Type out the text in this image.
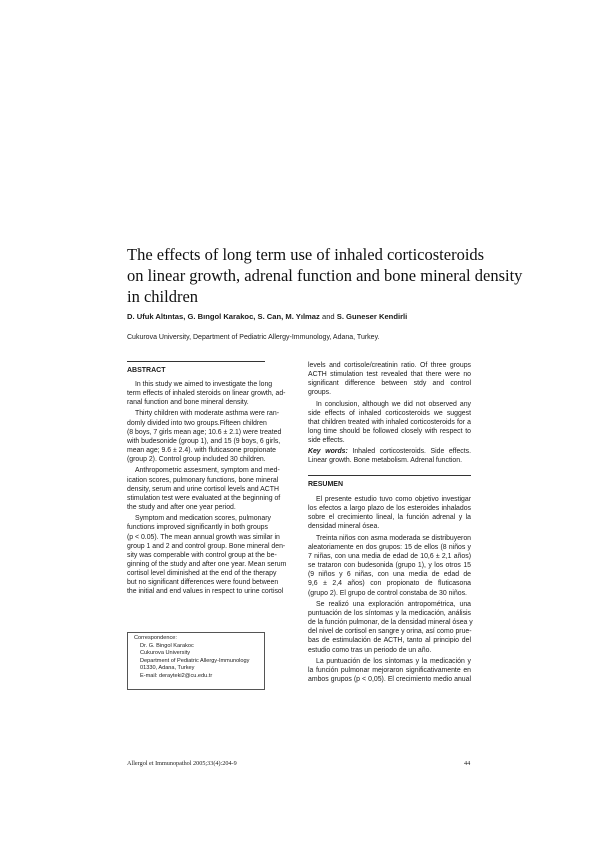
The effects of long term use of inhaled corticosteroids
on linear growth, adrenal function and bone mineral density
in children
D. Ufuk Altıntas, G. Bıngol Karakoc, S. Can, M. Yılmaz and S. Guneser Kendirli
Cukurova University, Department of Pediatric Allergy-Immunology, Adana, Turkey.
ABSTRACT
In this study we aimed to investigate the long
term effects of inhaled steroids on linear growth, ad-
ranal function and bone mineral density.
Thirty children with moderate asthma were ran-
domly divided into two groups.Fifteen children
(8 boys, 7 girls mean age; 10.6 ± 2.1) were treated
with budesonide (group 1), and 15 (9 boys, 6 girls,
mean age; 9.6 ± 2.4). with fluticasone propionate
(group 2). Control group included 30 children.
Anthropometric assesment, symptom and med-
ication scores, pulmonary functions, bone mineral
density, serum and urine cortisol levels and ACTH
stimulation test were evaluated at the beginning of
the study and after one year period.
Symptom and medication scores, pulmonary
functions improved significantly in both groups
(p < 0.05). The mean annual growth was similar in
group 1 and 2 and control group. Bone mineral den-
sity was comperable with control group at the be-
ginning of the study and after one year. Mean serum
cortisol level diminished at the end of the therapy
but no significant differences were found between
the initial and end values in respect to urine cortisol
levels and cortisole/creatinin ratio. Of three groups
ACTH stimulation test revealed that there were no
significant difference between stdy and control
groups.
In conclusion, although we did not observed any
side effects of inhaled corticosteroids we suggest
that children treated with inhaled corticosteroids for a
long time should be followed closely with respect to
side effects.
Key words: Inhaled corticosteroids. Side effects.
Linear growth. Bone metabolism. Adrenal function.
RESUMEN
El presente estudio tuvo como objetivo investigar
los efectos a largo plazo de los esteroides inhalados
sobre el crecimiento lineal, la función adrenal y la
densidad mineral ósea.
Treinta niños con asma moderada se distribuyeron
aleatoriamente en dos grupos: 15 de ellos (8 niños y
7 niñas, con una media de edad de 10,6 ± 2,1 años)
se trataron con budesonida (grupo 1), y los otros 15
(9 niños y 6 niñas, con una media de edad de
9,6 ± 2,4 años) con propionato de fluticasona
(grupo 2). El grupo de control constaba de 30 niños.
Se realizó una exploración antropométrica, una
puntuación de los síntomas y la medicación, análisis
de la función pulmonar, de la densidad mineral ósea y
del nivel de cortisol en sangre y orina, así como prue-
bas de estimulación de ACTH, tanto al principio del
estudio como tras un periodo de un año.
La puntuación de los síntomas y la medicación y
la función pulmonar mejoraron significativamente en
ambos grupos (p < 0,05). El crecimiento medio anual
Correspondence:
Dr. G. Bingol Karakoc
Cukurova University
Department of Pediatric Allergy-Immunology
01330, Adana, Turkey
E-mail: derayteki2@cu.edu.tr
Allergol et Immunopathol 2005;33(4):204-9	44
